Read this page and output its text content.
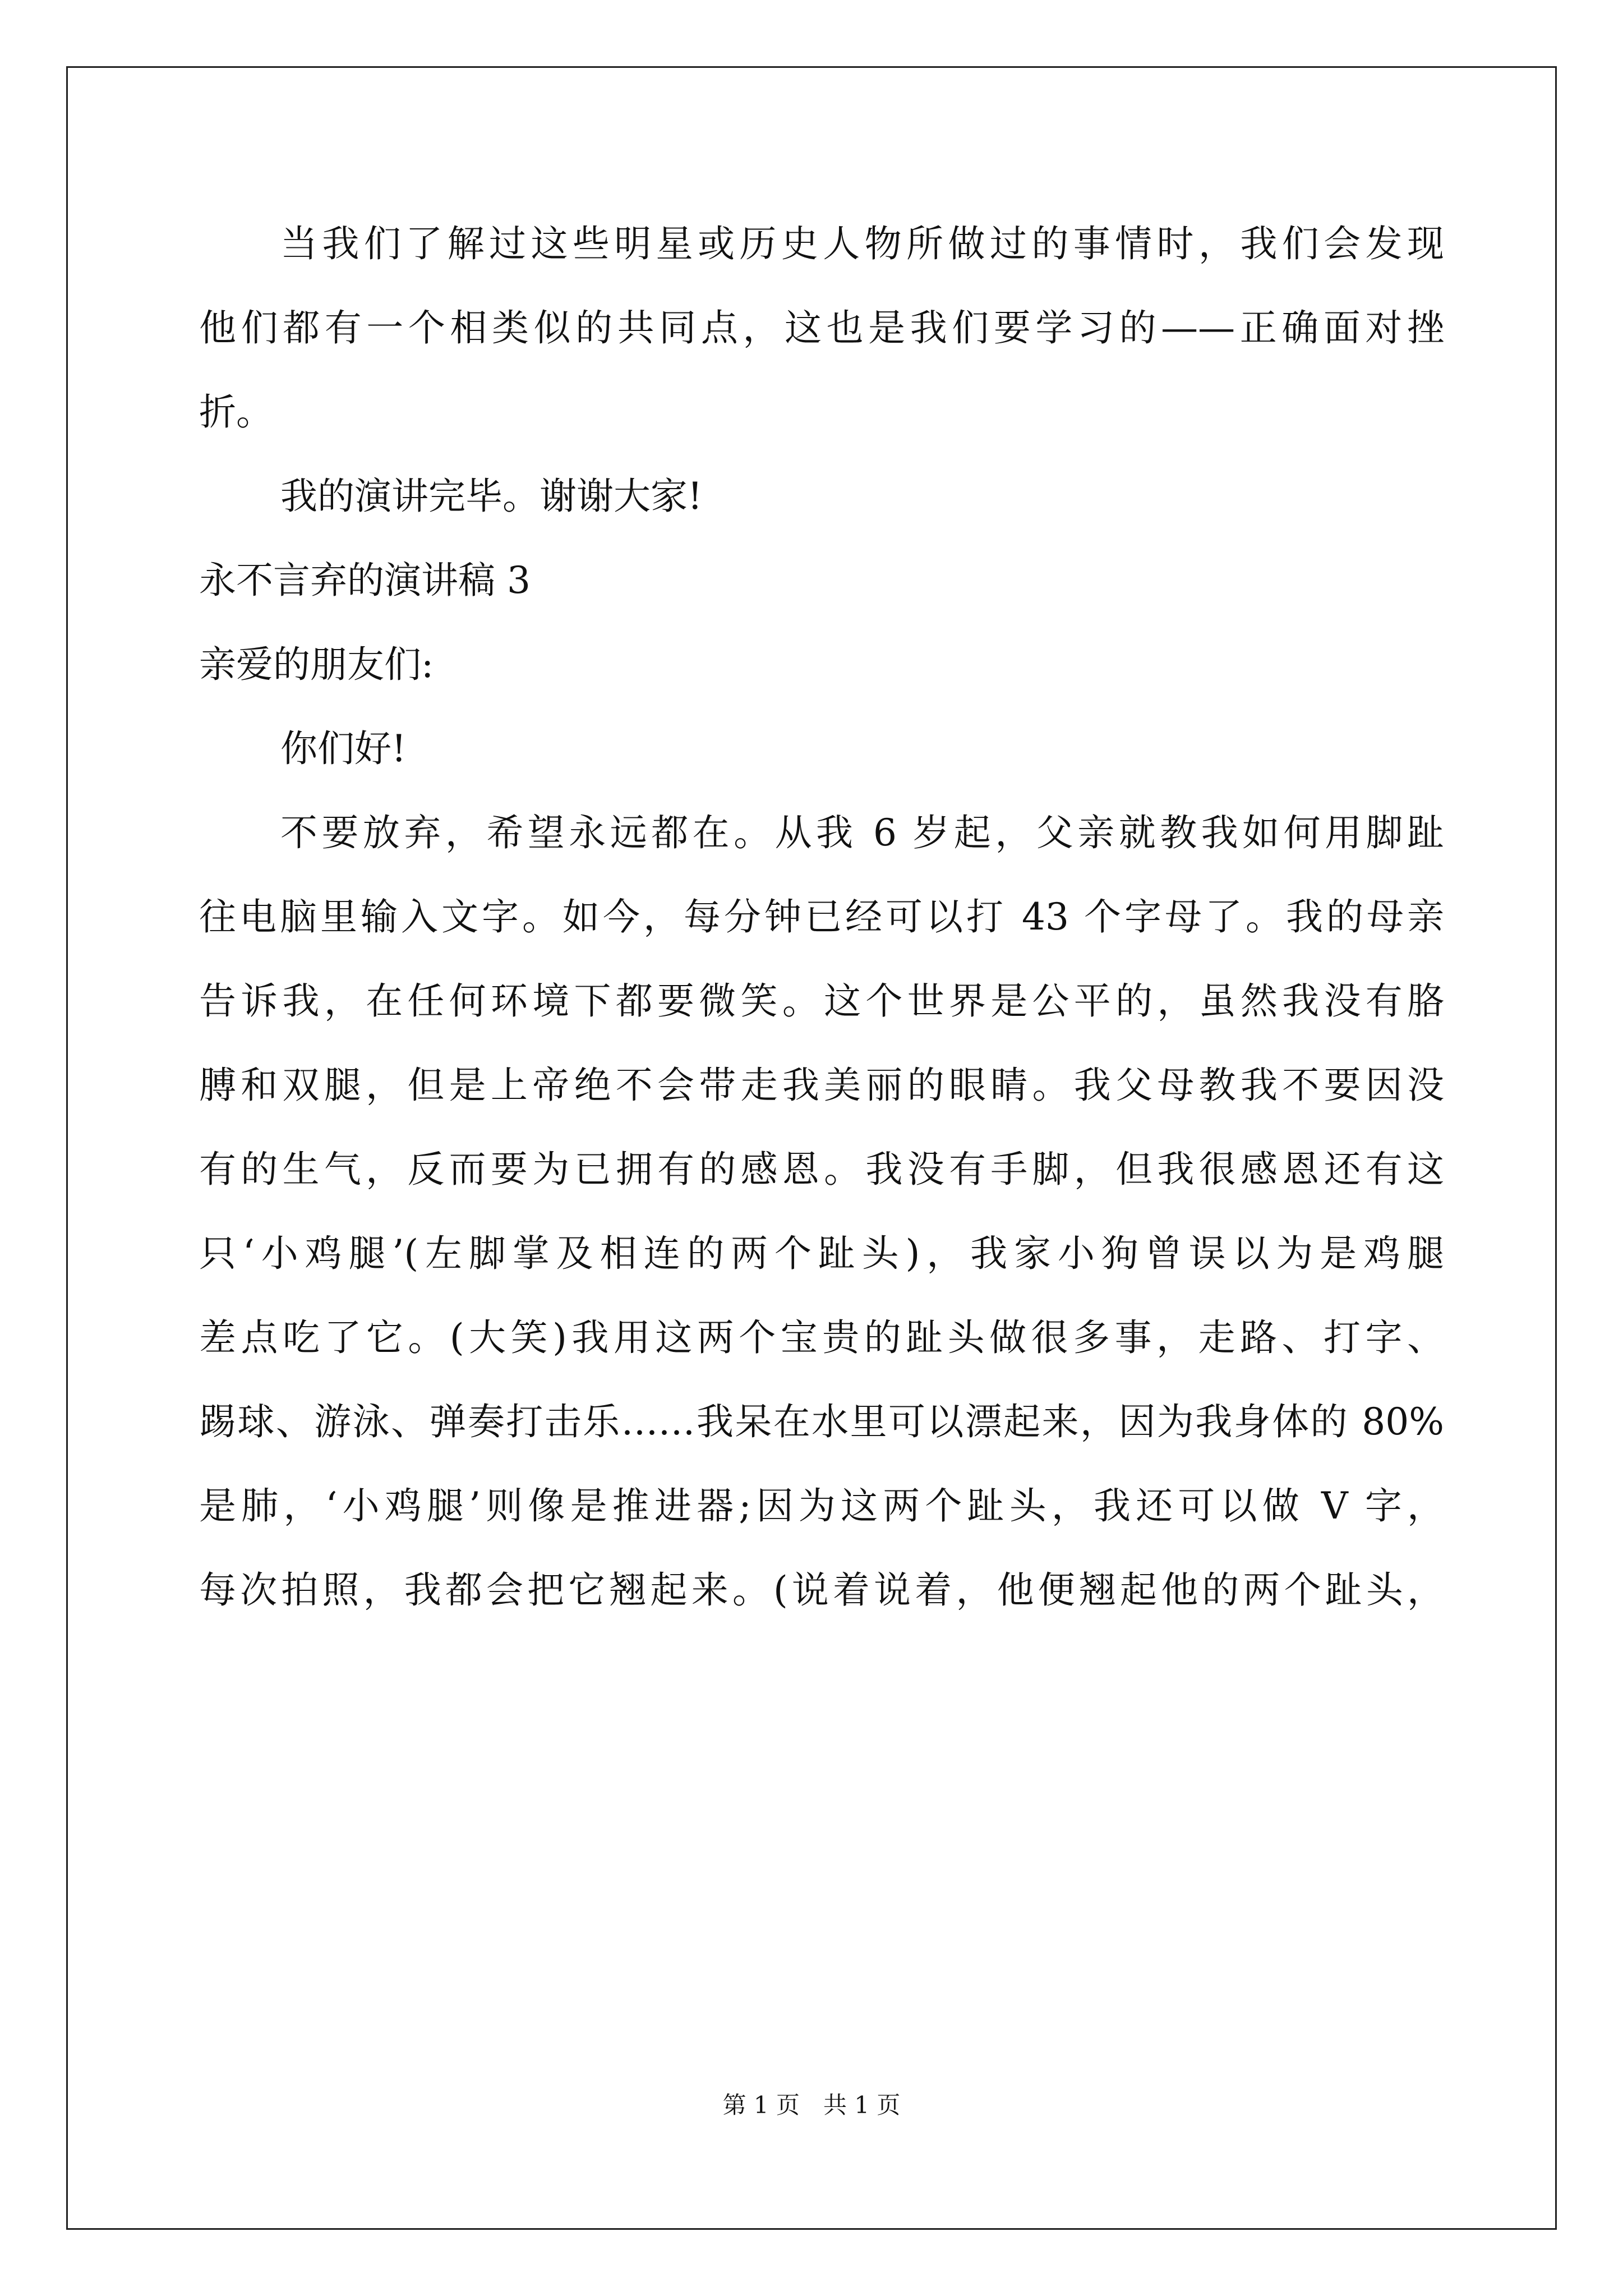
当我们了解过这些明星或历史人物所做过的事情时，我们会发现
他们都有一个相类似的共同点，这也是我们要学习的——正确面对挫
折。
我的演讲完毕。谢谢大家!
永不言弃的演讲稿 3
亲爱的朋友们:
你们好!
不要放弃，希望永远都在。从我 6 岁起，父亲就教我如何用脚趾
往电脑里输入文字。如今，每分钟已经可以打 43 个字母了。我的母亲
告诉我，在任何环境下都要微笑。这个世界是公平的，虽然我没有胳
膊和双腿，但是上帝绝不会带走我美丽的眼睛。我父母教我不要因没
有的生气，反而要为已拥有的感恩。我没有手脚，但我很感恩还有这
只‘小鸡腿’(左脚掌及相连的两个趾头)，我家小狗曾误以为是鸡腿
差点吃了它。(大笑)我用这两个宝贵的趾头做很多事，走路、打字、
踢球、游泳、弹奏打击乐……我呆在水里可以漂起来，因为我身体的 80%
是肺，‘小鸡腿’则像是推进器;因为这两个趾头，我还可以做 V 字，
每次拍照，我都会把它翘起来。(说着说着，他便翘起他的两个趾头，
第 1 页　共 1 页
